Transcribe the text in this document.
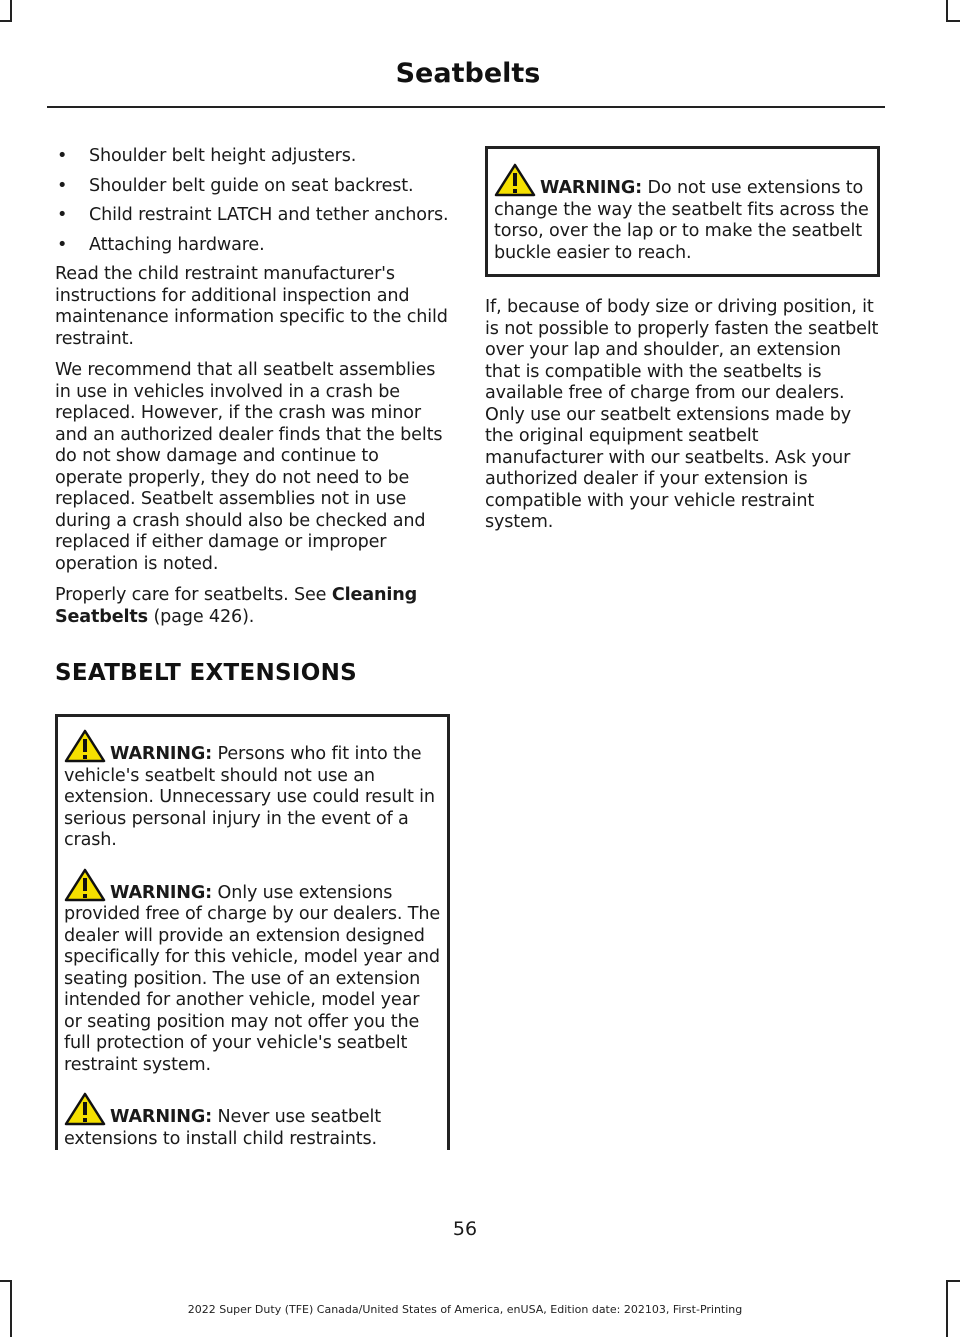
Seatbelts
• Shoulder belt height adjusters.
• Shoulder belt guide on seat backrest.
• Child restraint LATCH and tether anchors.
• Attaching hardware.

Read the child restraint manufacturer's instructions for additional inspection and maintenance information specific to the child restraint.

We recommend that all seatbelt assemblies in use in vehicles involved in a crash be replaced. However, if the crash was minor and an authorized dealer finds that the belts do not show damage and continue to operate properly, they do not need to be replaced. Seatbelt assemblies not in use during a crash should also be checked and replaced if either damage or improper operation is noted.

Properly care for seatbelts. See Cleaning Seatbelts (page 426).

SEATBELT EXTENSIONS

WARNING: Persons who fit into the vehicle's seatbelt should not use an extension. Unnecessary use could result in serious personal injury in the event of a crash.

WARNING: Only use extensions provided free of charge by our dealers. The dealer will provide an extension designed specifically for this vehicle, model year and seating position. The use of an extension intended for another vehicle, model year or seating position may not offer you the full protection of your vehicle's seatbelt restraint system.

WARNING: Never use seatbelt extensions to install child restraints.

WARNING: Do not use extensions to change the way the seatbelt fits across the torso, over the lap or to make the seatbelt buckle easier to reach.

If, because of body size or driving position, it is not possible to properly fasten the seatbelt over your lap and shoulder, an extension that is compatible with the seatbelts is available free of charge from our dealers. Only use our seatbelt extensions made by the original equipment seatbelt manufacturer with our seatbelts. Ask your authorized dealer if your extension is compatible with your vehicle restraint system.

56
2022 Super Duty (TFE) Canada/United States of America, enUSA, Edition date: 202103, First-Printing
